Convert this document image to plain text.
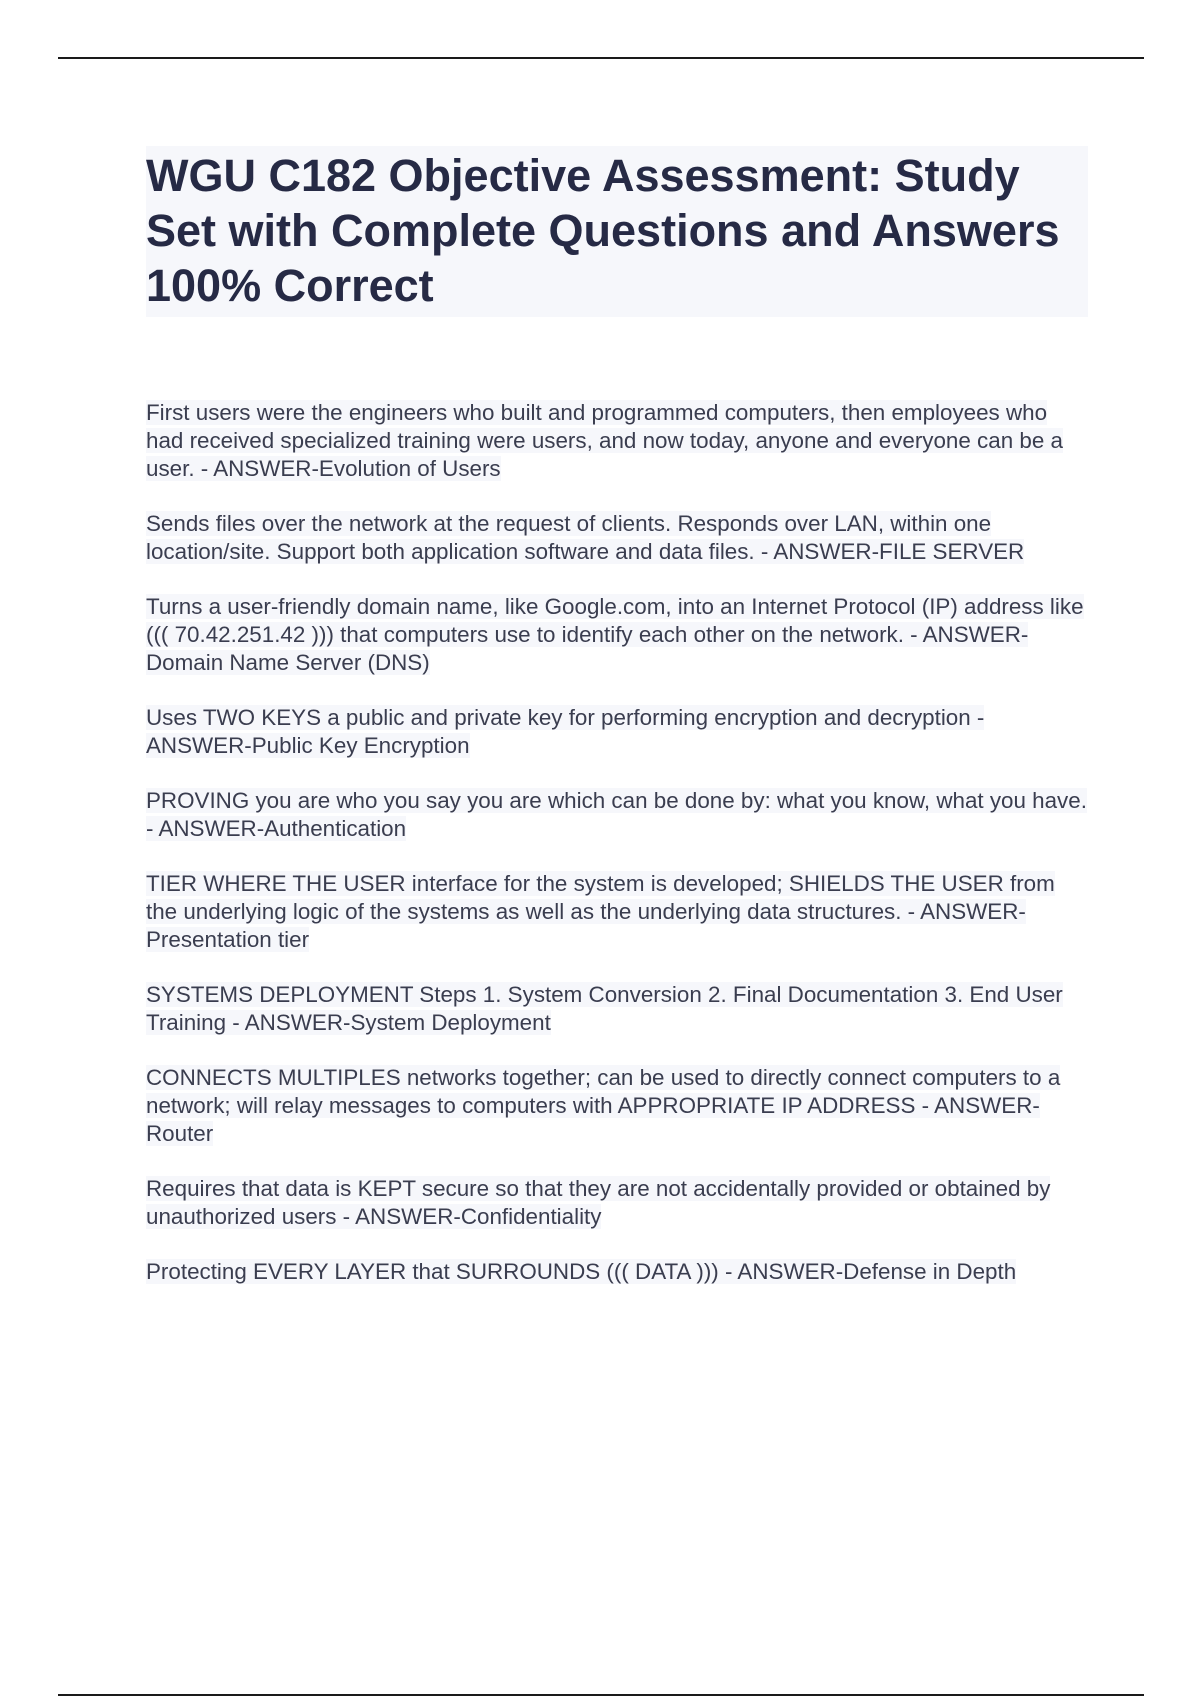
WGU C182 Objective Assessment: Study Set with Complete Questions and Answers 100% Correct

First users were the engineers who built and programmed computers, then employees who had received specialized training were users, and now today, anyone and everyone can be a user. - ANSWER-Evolution of Users

Sends files over the network at the request of clients. Responds over LAN, within one location/site. Support both application software and data files. - ANSWER-FILE SERVER

Turns a user-friendly domain name, like Google.com, into an Internet Protocol (IP) address like ((( 70.42.251.42 ))) that computers use to identify each other on the network. - ANSWER-Domain Name Server (DNS)

Uses TWO KEYS a public and private key for performing encryption and decryption - ANSWER-Public Key Encryption

PROVING you are who you say you are which can be done by: what you know, what you have. - ANSWER-Authentication

TIER WHERE THE USER interface for the system is developed; SHIELDS THE USER from the underlying logic of the systems as well as the underlying data structures. - ANSWER-Presentation tier

SYSTEMS DEPLOYMENT Steps 1. System Conversion 2. Final Documentation 3. End User Training - ANSWER-System Deployment

CONNECTS MULTIPLES networks together; can be used to directly connect computers to a network; will relay messages to computers with APPROPRIATE IP ADDRESS - ANSWER-Router

Requires that data is KEPT secure so that they are not accidentally provided or obtained by unauthorized users - ANSWER-Confidentiality

Protecting EVERY LAYER that SURROUNDS ((( DATA ))) - ANSWER-Defense in Depth
